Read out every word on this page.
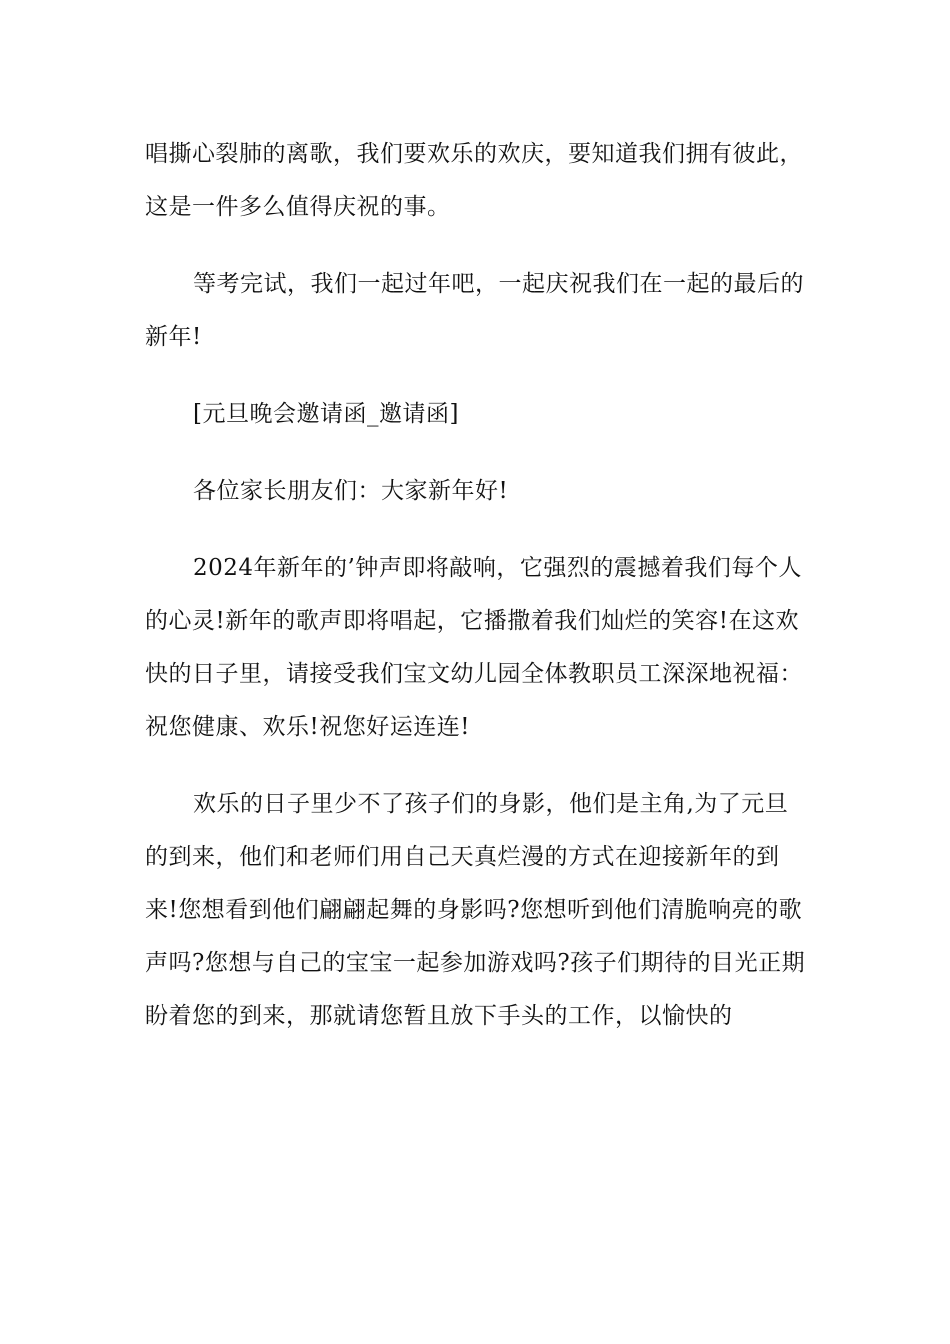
唱撕心裂肺的离歌，我们要欢乐的欢庆，要知道我们拥有彼此，这是一件多么值得庆祝的事。

等考完试，我们一起过年吧，一起庆祝我们在一起的最后的新年!

[元旦晚会邀请函_邀请函]

各位家长朋友们：大家新年好!

2024年新年的’钟声即将敲响，它强烈的震撼着我们每个人的心灵!新年的歌声即将唱起，它播撒着我们灿烂的笑容!在这欢快的日子里，请接受我们宝文幼儿园全体教职员工深深地祝福：祝您健康、欢乐!祝您好运连连!

欢乐的日子里少不了孩子们的身影，他们是主角,为了元旦的到来，他们和老师们用自己天真烂漫的方式在迎接新年的到来!您想看到他们翩翩起舞的身影吗?您想听到他们清脆响亮的歌声吗?您想与自己的宝宝一起参加游戏吗?孩子们期待的目光正期盼着您的到来，那就请您暂且放下手头的工作，以愉快的
